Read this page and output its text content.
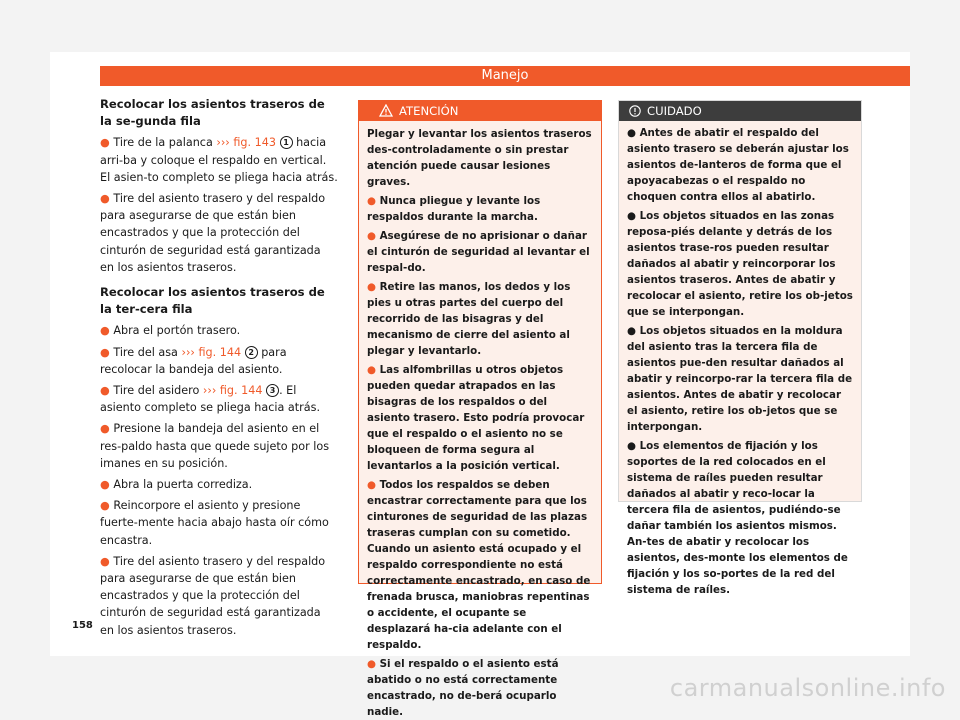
Manejo
Recolocar los asientos traseros de la se-gunda fila

● Tire de la palanca ››› fig. 143 1 hacia arri-ba y coloque el respaldo en vertical. El asien-to completo se pliega hacia atrás.

● Tire del asiento trasero y del respaldo para asegurarse de que están bien encastrados y que la protección del cinturón de seguridad está garantizada en los asientos traseros.

Recolocar los asientos traseros de la ter-cera fila

● Abra el portón trasero.

● Tire del asa ››› fig. 144 2 para recolocar la bandeja del asiento.

● Tire del asidero ››› fig. 144 3 . El asiento completo se pliega hacia atrás.

● Presione la bandeja del asiento en el res-paldo hasta que quede sujeto por los imanes en su posición.

● Abra la puerta corrediza.

● Reincorpore el asiento y presione fuerte-mente hacia abajo hasta oír cómo encastra.

● Tire del asiento trasero y del respaldo para asegurarse de que están bien encastrados y que la protección del cinturón de seguridad está garantizada en los asientos traseros.

ATENCIÓN

Plegar y levantar los asientos traseros des-controladamente o sin prestar atención puede causar lesiones graves.

● Nunca pliegue y levante los respaldos durante la marcha.

● Asegúrese de no aprisionar o dañar el cinturón de seguridad al levantar el respal-do.

● Retire las manos, los dedos y los pies u otras partes del cuerpo del recorrido de las bisagras y del mecanismo de cierre del asiento al plegar y levantarlo.

● Las alfombrillas u otros objetos pueden quedar atrapados en las bisagras de los respaldos o del asiento trasero. Esto podría provocar que el respaldo o el asiento no se bloqueen de forma segura al levantarlos a la posición vertical.

● Todos los respaldos se deben encastrar correctamente para que los cinturones de seguridad de las plazas traseras cumplan con su cometido. Cuando un asiento está ocupado y el respaldo correspondiente no está correctamente encastrado, en caso de frenada brusca, maniobras repentinas o accidente, el ocupante se desplazará ha-cia adelante con el respaldo.

● Si el respaldo o el asiento está abatido o no está correctamente encastrado, no de-berá ocuparlo nadie.

CUIDADO

● Antes de abatir el respaldo del asiento trasero se deberán ajustar los asientos de-lanteros de forma que el apoyacabezas o el respaldo no choquen contra ellos al abatirlo.

● Los objetos situados en las zonas reposa-piés delante y detrás de los asientos trase-ros pueden resultar dañados al abatir y reincorporar los asientos traseros. Antes de abatir y recolocar el asiento, retire los ob-jetos que se interpongan.

● Los objetos situados en la moldura del asiento tras la tercera fila de asientos pue-den resultar dañados al abatir y reincorpo-rar la tercera fila de asientos. Antes de abatir y recolocar el asiento, retire los ob-jetos que se interpongan.

● Los elementos de fijación y los soportes de la red colocados en el sistema de raíles pueden resultar dañados al abatir y reco-locar la tercera fila de asientos, pudiéndo-se dañar también los asientos mismos. An-tes de abatir y recolocar los asientos, des-monte los elementos de fijación y los so-portes de la red del sistema de raíles.

158
carmanualsonline.info
